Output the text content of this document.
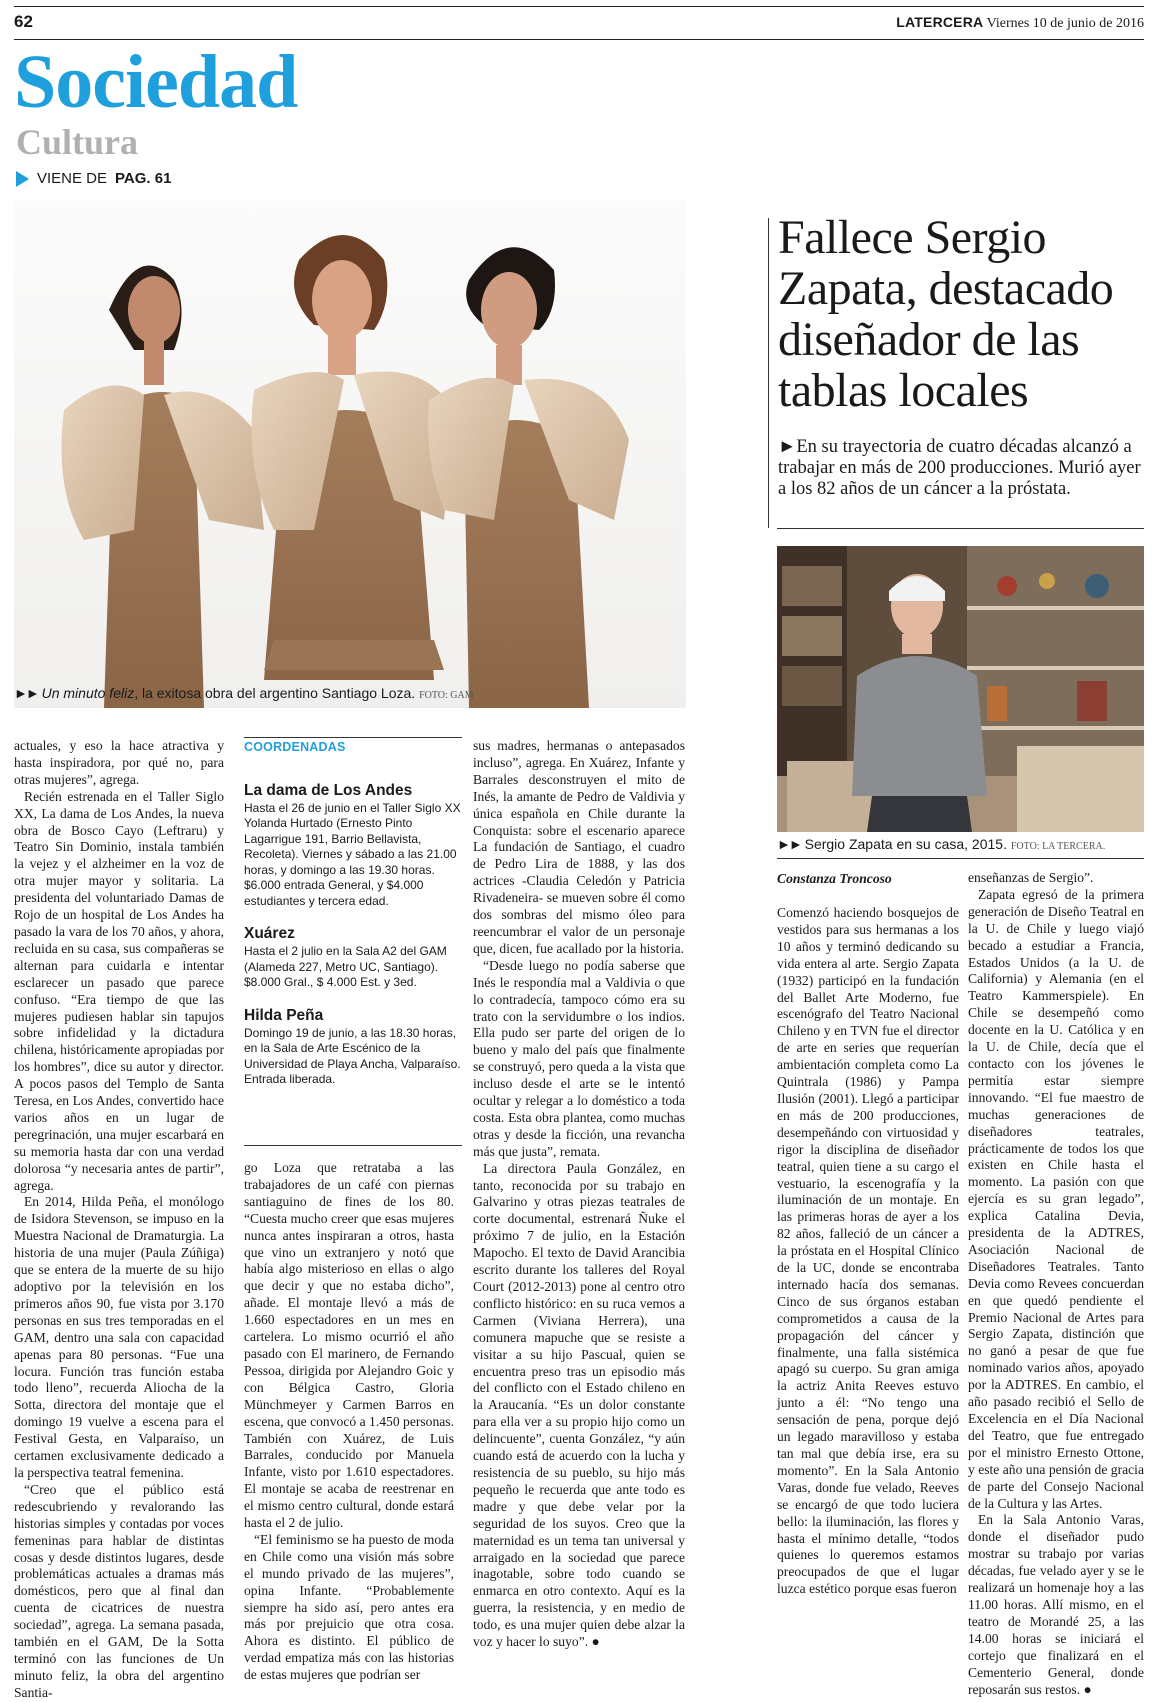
62	LATERCERA Viernes 10 de junio de 2016
Sociedad
Cultura
VIENE DE PAG. 61
►► Un minuto feliz, la exitosa obra del argentino Santiago Loza. FOTO: GAM
Fallece Sergio Zapata, destacado diseñador de las tablas locales
►En su trayectoria de cuatro décadas alcanzó a trabajar en más de 200 producciones. Murió ayer a los 82 años de un cáncer a la próstata.
►► Sergio Zapata en su casa, 2015. FOTO: LA TERCERA.

actuales, y eso la hace atractiva y hasta inspiradora, por qué no, para otras mujeres”, agrega.

Recién estrenada en el Taller Siglo XX, La dama de Los Andes, la nueva obra de Bosco Cayo (Leftraru) y Teatro Sin Dominio, instala también la vejez y el alzheimer en la voz de otra mujer mayor y solitaria. La presidenta del voluntariado Damas de Rojo de un hospital de Los Andes ha pasado la vara de los 70 años, y ahora, recluida en su casa, sus compañeras se alternan para cuidarla e intentar esclarecer un pasado que parece confuso. “Era tiempo de que las mujeres pudiesen hablar sin tapujos sobre infidelidad y la dictadura chilena, históricamente apropiadas por los hombres”, dice su autor y director. A pocos pasos del Templo de Santa Teresa, en Los Andes, convertido hace varios años en un lugar de peregrinación, una mujer escarbará en su memoria hasta dar con una verdad dolorosa “y necesaria antes de partir”, agrega.

En 2014, Hilda Peña, el monólogo de Isidora Stevenson, se impuso en la Muestra Nacional de Dramaturgia. La historia de una mujer (Paula Zúñiga) que se entera de la muerte de su hijo adoptivo por la televisión en los primeros años 90, fue vista por 3.170 personas en sus tres temporadas en el GAM, dentro una sala con capacidad apenas para 80 personas. “Fue una locura. Función tras función estaba todo lleno”, recuerda Aliocha de la Sotta, directora del montaje que el domingo 19 vuelve a escena para el Festival Gesta, en Valparaíso, un certamen exclusivamente dedicado a la perspectiva teatral femenina.

“Creo que el público está redescubriendo y revalorando las historias simples y contadas por voces femeninas para hablar de distintas cosas y desde distintos lugares, desde problemáticas actuales a dramas más domésticos, pero que al final dan cuenta de cicatrices de nuestra sociedad”, agrega. La semana pasada, también en el GAM, De la Sotta terminó con las funciones de Un minuto feliz, la obra del argentino Santia-

COORDENADAS
La dama de Los Andes
Hasta el 26 de junio en el Taller Siglo XX Yolanda Hurtado (Ernesto Pinto Lagarrigue 191, Barrio Bellavista, Recoleta). Viernes y sábado a las 21.00 horas, y domingo a las 19.30 horas. $6.000 entrada General, y $4.000 estudiantes y tercera edad.
Xuárez
Hasta el 2 julio en la Sala A2 del GAM (Alameda 227, Metro UC, Santiago). $8.000 Gral., $ 4.000 Est. y 3ed.
Hilda Peña
Domingo 19 de junio, a las 18.30 horas, en la Sala de Arte Escénico de la Universidad de Playa Ancha, Valparaíso. Entrada liberada.

go Loza que retrataba a las trabajadores de un café con piernas santiaguino de fines de los 80. “Cuesta mucho creer que esas mujeres nunca antes inspiraran a otros, hasta que vino un extranjero y notó que había algo misterioso en ellas o algo que decir y que no estaba dicho”, añade. El montaje llevó a más de 1.660 espectadores en un mes en cartelera. Lo mismo ocurrió el año pasado con El marinero, de Fernando Pessoa, dirigida por Alejandro Goic y con Bélgica Castro, Gloria Münchmeyer y Carmen Barros en escena, que convocó a 1.450 personas. También con Xuárez, de Luis Barrales, conducido por Manuela Infante, visto por 1.610 espectadores. El montaje se acaba de reestrenar en el mismo centro cultural, donde estará hasta el 2 de julio.

“El feminismo se ha puesto de moda en Chile como una visión más sobre el mundo privado de las mujeres”, opina Infante. “Probablemente siempre ha sido así, pero antes era más por prejuicio que otra cosa. Ahora es distinto. El público de verdad empatiza más con las historias de estas mujeres que podrían ser

sus madres, hermanas o antepasados incluso”, agrega. En Xuárez, Infante y Barrales desconstruyen el mito de Inés, la amante de Pedro de Valdivia y única española en Chile durante la Conquista: sobre el escenario aparece La fundación de Santiago, el cuadro de Pedro Lira de 1888, y las dos actrices -Claudia Celedón y Patricia Rivadeneira- se mueven sobre él como dos sombras del mismo óleo para reencumbrar el valor de un personaje que, dicen, fue acallado por la historia.

“Desde luego no podía saberse que Inés le respondía mal a Valdivia o que lo contradecía, tampoco cómo era su trato con la servidumbre o los indios. Ella pudo ser parte del origen de lo bueno y malo del país que finalmente se construyó, pero queda a la vista que incluso desde el arte se le intentó ocultar y relegar a lo doméstico a toda costa. Esta obra plantea, como muchas otras y desde la ficción, una revancha más que justa”, remata.

La directora Paula González, en tanto, reconocida por su trabajo en Galvarino y otras piezas teatrales de corte documental, estrenará Ñuke el próximo 7 de julio, en la Estación Mapocho. El texto de David Arancibia escrito durante los talleres del Royal Court (2012-2013) pone al centro otro conflicto histórico: en su ruca vemos a Carmen (Viviana Herrera), una comunera mapuche que se resiste a visitar a su hijo Pascual, quien se encuentra preso tras un episodio más del conflicto con el Estado chileno en la Araucanía. “Es un dolor constante para ella ver a su propio hijo como un delincuente”, cuenta González, “y aún cuando está de acuerdo con la lucha y resistencia de su pueblo, su hijo más pequeño le recuerda que ante todo es madre y que debe velar por la seguridad de los suyos. Creo que la maternidad es un tema tan universal y arraigado en la sociedad que parece inagotable, sobre todo cuando se enmarca en otro contexto. Aquí es la guerra, la resistencia, y en medio de todo, es una mujer quien debe alzar la voz y hacer lo suyo”. ●

Constanza Troncoso

Comenzó haciendo bosquejos de vestidos para sus hermanas a los 10 años y terminó dedicando su vida entera al arte. Sergio Zapata (1932) participó en la fundación del Ballet Arte Moderno, fue escenógrafo del Teatro Nacional Chileno y en TVN fue el director de arte en series que requerían ambientación completa como La Quintrala (1986) y Pampa Ilusión (2001). Llegó a participar en más de 200 producciones, desempeñándo con virtuosidad y rigor la disciplina de diseñador teatral, quien tiene a su cargo el vestuario, la escenografía y la iluminación de un montaje. En las primeras horas de ayer a los 82 años, falleció de un cáncer a la próstata en el Hospital Clínico de la UC, donde se encontraba internado hacía dos semanas. Cinco de sus órganos estaban comprometidos a causa de la propagación del cáncer y finalmente, una falla sistémica apagó su cuerpo. Su gran amiga la actriz Anita Reeves estuvo junto a él: “No tengo una sensación de pena, porque dejó un legado maravilloso y estaba tan mal que debía irse, era su momento”. En la Sala Antonio Varas, donde fue velado, Reeves se encargó de que todo luciera bello: la iluminación, las flores y hasta el mínimo detalle, “todos quienes lo queremos estamos preocupados de que el lugar luzca estético porque esas fueron

enseñanzas de Sergio”.

Zapata egresó de la primera generación de Diseño Teatral en la U. de Chile y luego viajó becado a estudiar a Francia, Estados Unidos (a la U. de California) y Alemania (en el Teatro Kammerspiele). En Chile se desempeñó como docente en la U. Católica y en la U. de Chile, decía que el contacto con los jóvenes le permitía estar siempre innovando. “El fue maestro de muchas generaciones de diseñadores teatrales, prácticamente de todos los que existen en Chile hasta el momento. La pasión con que ejercía es su gran legado”, explica Catalina Devia, presidenta de la ADTRES, Asociación Nacional de Diseñadores Teatrales. Tanto Devia como Revees concuerdan en que quedó pendiente el Premio Nacional de Artes para Sergio Zapata, distinción que no ganó a pesar de que fue nominado varios años, apoyado por la ADTRES. En cambio, el año pasado recibió el Sello de Excelencia en el Día Nacional del Teatro, que fue entregado por el ministro Ernesto Ottone, y este año una pensión de gracia de parte del Consejo Nacional de la Cultura y las Artes.

En la Sala Antonio Varas, donde el diseñador pudo mostrar su trabajo por varias décadas, fue velado ayer y se le realizará un homenaje hoy a las 11.00 horas. Allí mismo, en el teatro de Morandé 25, a las 14.00 horas se iniciará el cortejo que finalizará en el Cementerio General, donde reposarán sus restos. ●
